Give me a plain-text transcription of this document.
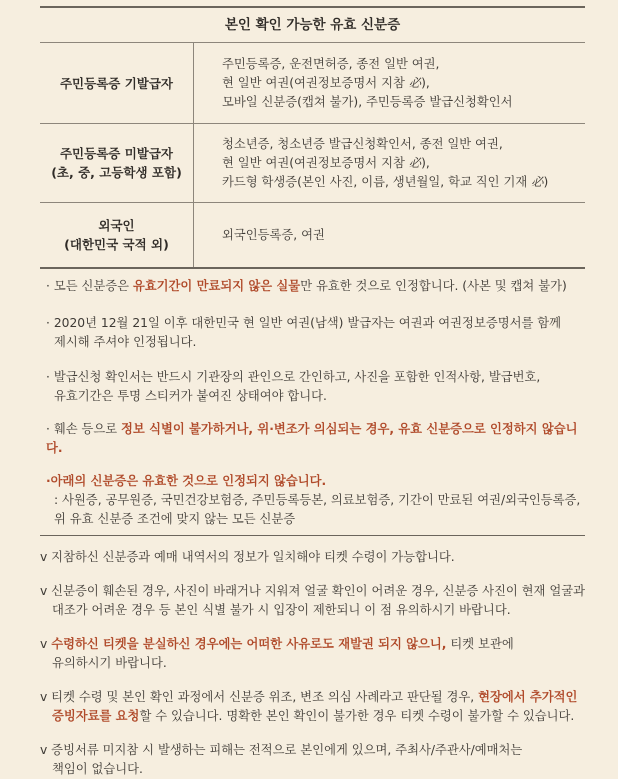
본인 확인 가능한 유효 신분증
주민등록증 기발급자
주민등록증, 운전면허증, 종전 일반 여권,
현 일반 여권(여권정보증명서 지참 必),
모바일 신분증(캡쳐 불가), 주민등록증 발급신청확인서
주민등록증 미발급자
(초, 중, 고등학생 포함)
청소년증, 청소년증 발급신청확인서, 종전 일반 여권,
현 일반 여권(여권정보증명서 지참 必),
카드형 학생증(본인 사진, 이름, 생년월일, 학교 직인 기재 必)
외국인
(대한민국 국적 외)
외국인등록증, 여권
· 모든 신분증은 유효기간이 만료되지 않은 실물만 유효한 것으로 인정합니다. (사본 및 캡쳐 불가)
· 2020년 12월 21일 이후 대한민국 현 일반 여권(남색) 발급자는 여권과 여권정보증명서를 함께
제시해 주셔야 인정됩니다.
· 발급신청 확인서는 반드시 기관장의 관인으로 간인하고, 사진을 포함한 인적사항, 발급번호,
유효기간은 투명 스티커가 붙여진 상태여야 합니다.
· 훼손 등으로 정보 식별이 불가하거나, 위·변조가 의심되는 경우, 유효 신분증으로 인정하지 않습니다.
·아래의 신분증은 유효한 것으로 인정되지 않습니다.
: 사원증, 공무원증, 국민건강보험증, 주민등록등본, 의료보험증, 기간이 만료된 여권/외국인등록증,
위 유효 신분증 조건에 맞지 않는 모든 신분증
v 지참하신 신분증과 예매 내역서의 정보가 일치해야 티켓 수령이 가능합니다.
v 신분증이 훼손된 경우, 사진이 바래거나 지워져 얼굴 확인이 어려운 경우, 신분증 사진이 현재 얼굴과
대조가 어려운 경우 등 본인 식별 불가 시 입장이 제한되니 이 점 유의하시기 바랍니다.
v 수령하신 티켓을 분실하신 경우에는 어떠한 사유로도 재발권 되지 않으니, 티켓 보관에
유의하시기 바랍니다.
v 티켓 수령 및 본인 확인 과정에서 신분증 위조, 변조 의심 사례라고 판단될 경우, 현장에서 추가적인
증빙자료를 요청할 수 있습니다. 명확한 본인 확인이 불가한 경우 티켓 수령이 불가할 수 있습니다.
v 증빙서류 미지참 시 발생하는 피해는 전적으로 본인에게 있으며, 주최사/주관사/예매처는
책임이 없습니다.
